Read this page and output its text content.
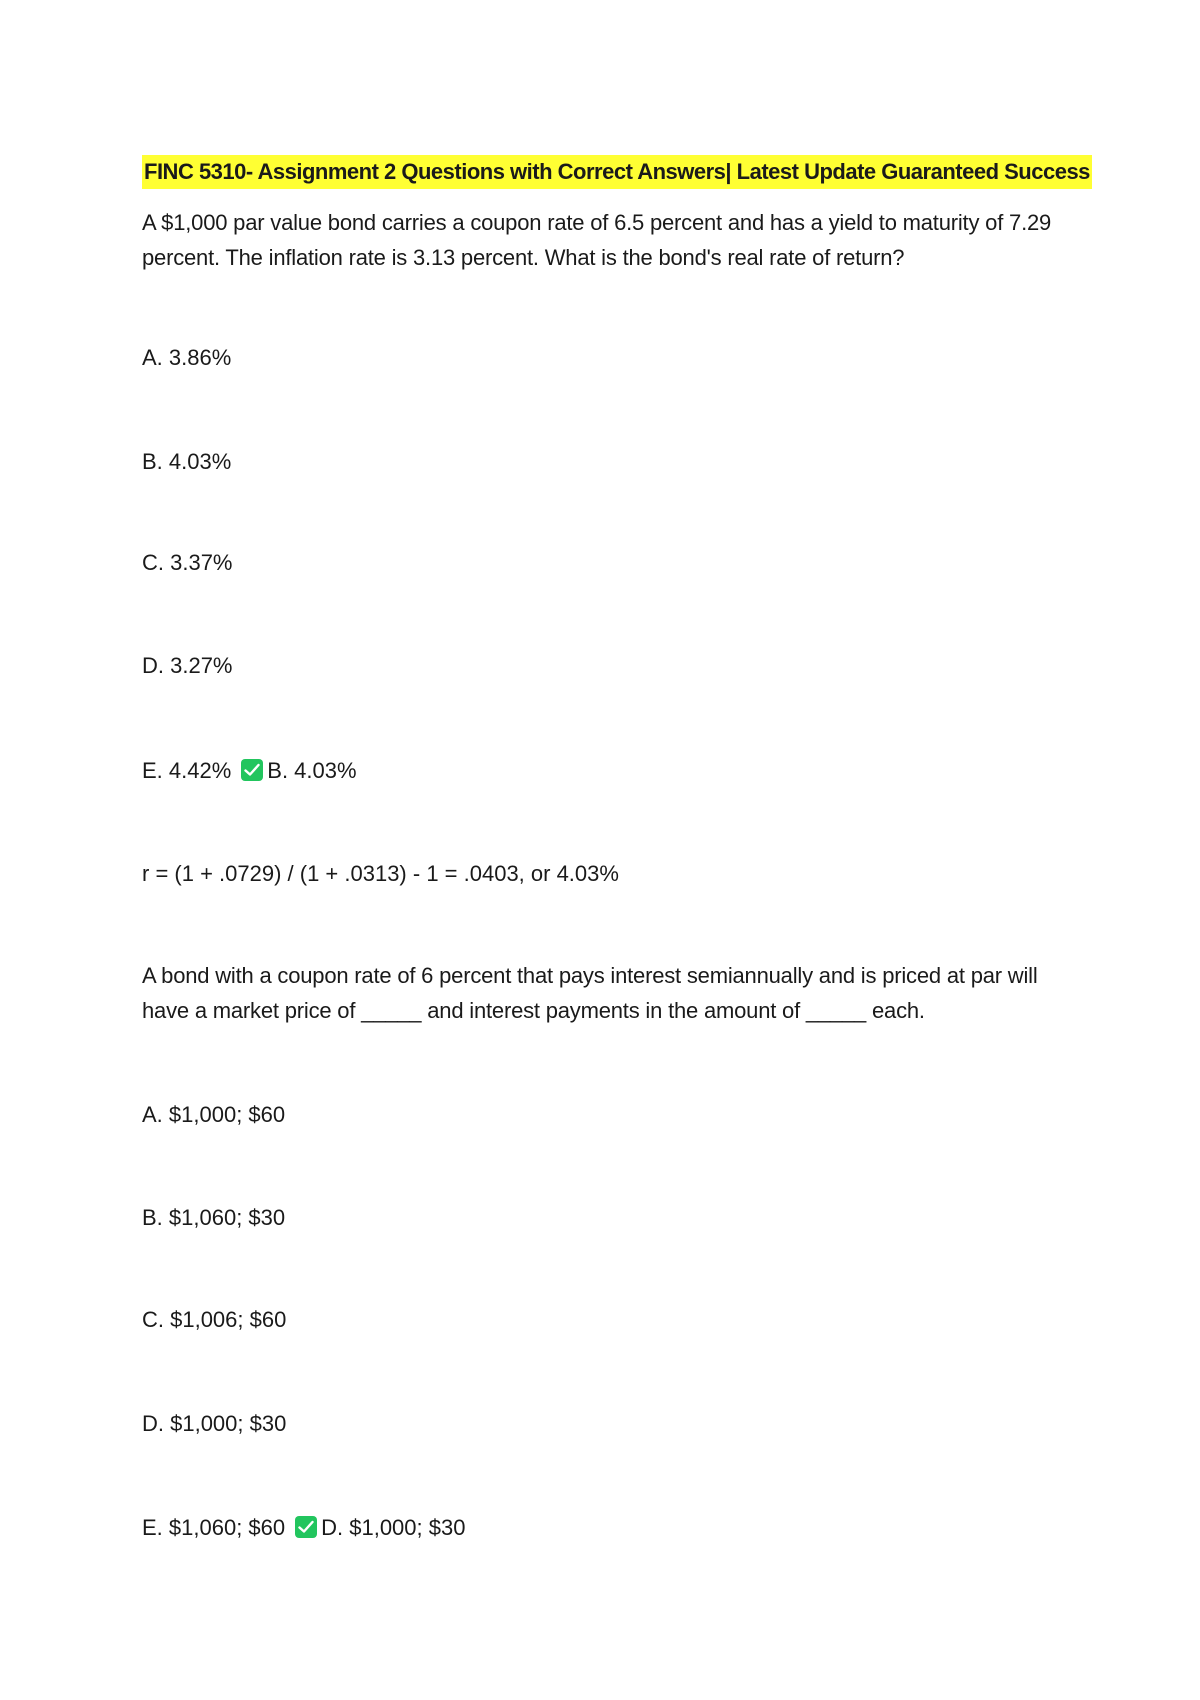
FINC 5310- Assignment 2 Questions with Correct Answers| Latest Update Guaranteed Success
A $1,000 par value bond carries a coupon rate of 6.5 percent and has a yield to maturity of 7.29 percent. The inflation rate is 3.13 percent. What is the bond's real rate of return?
A. 3.86%
B. 4.03%
C. 3.37%
D. 3.27%
E. 4.42% B. 4.03%
r = (1 + .0729) / (1 + .0313) - 1 = .0403, or 4.03%
A bond with a coupon rate of 6 percent that pays interest semiannually and is priced at par will have a market price of _____ and interest payments in the amount of _____ each.
A. $1,000; $60
B. $1,060; $30
C. $1,006; $60
D. $1,000; $30
E. $1,060; $60 D. $1,000; $30
